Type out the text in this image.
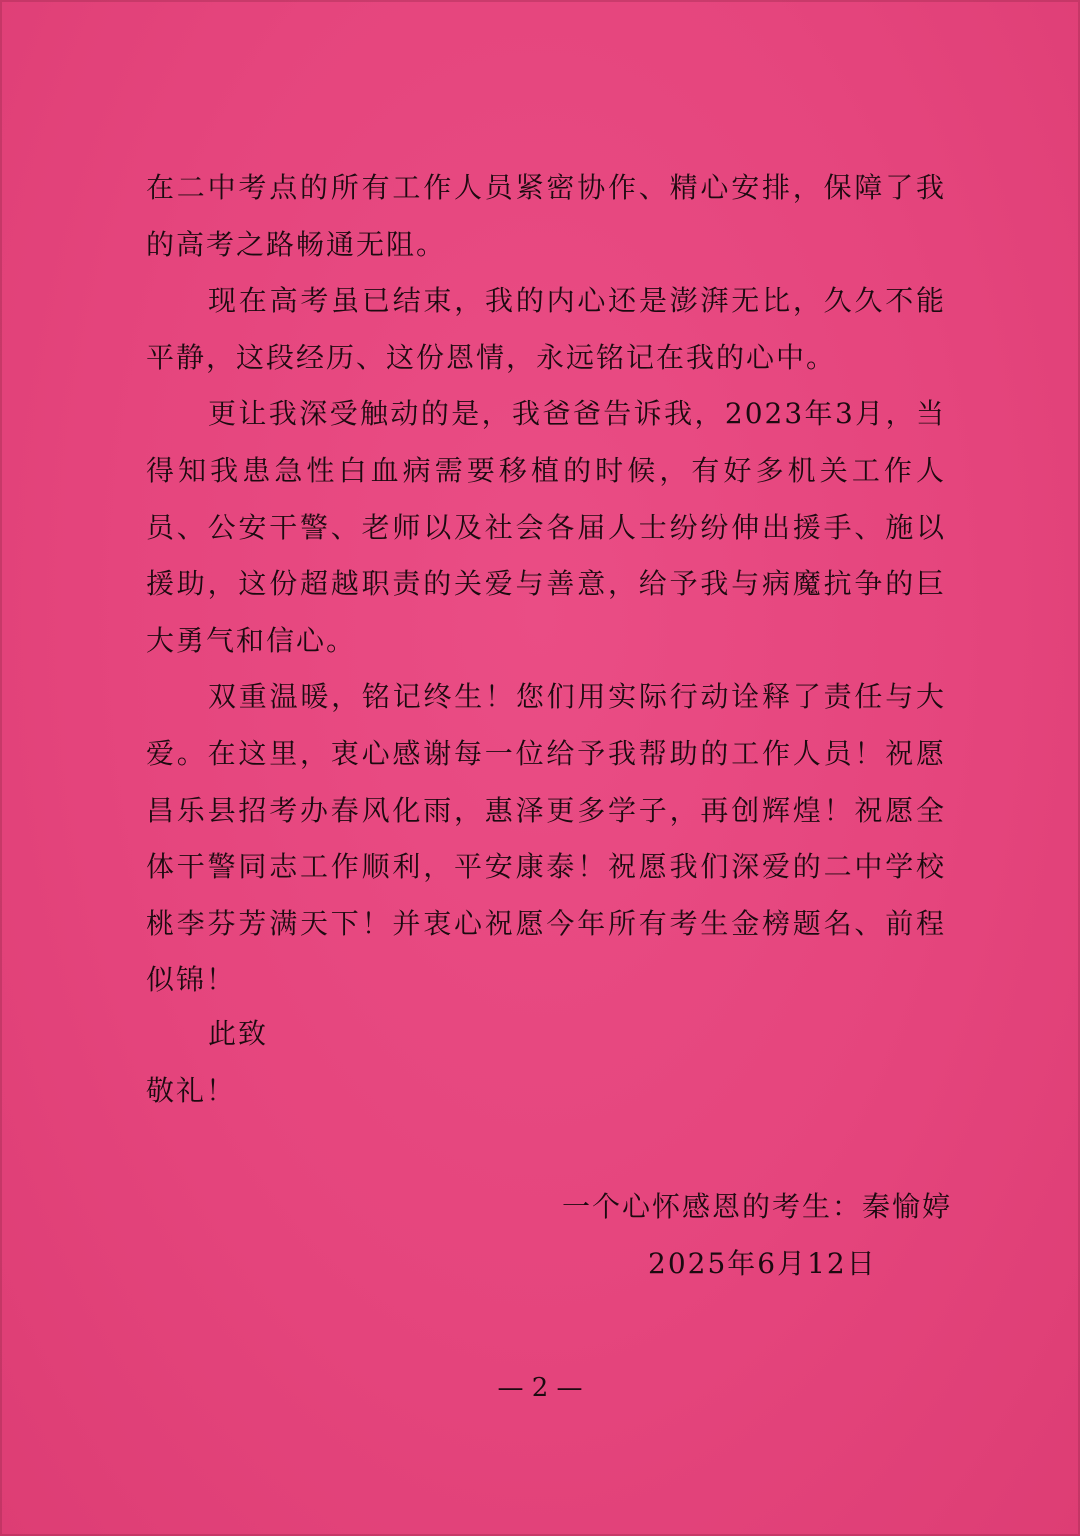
在二中考点的所有工作人员紧密协作、精心安排，保障了我的高考之路畅通无阻。

现在高考虽已结束，我的内心还是澎湃无比，久久不能平静，这段经历、这份恩情，永远铭记在我的心中。

更让我深受触动的是，我爸爸告诉我，2023年3月，当得知我患急性白血病需要移植的时候，有好多机关工作人员、公安干警、老师以及社会各届人士纷纷伸出援手、施以援助，这份超越职责的关爱与善意，给予我与病魔抗争的巨大勇气和信心。

双重温暖，铭记终生！您们用实际行动诠释了责任与大爱。在这里，衷心感谢每一位给予我帮助的工作人员！祝愿昌乐县招考办春风化雨，惠泽更多学子，再创辉煌！祝愿全体干警同志工作顺利，平安康泰！祝愿我们深爱的二中学校桃李芬芳满天下！并衷心祝愿今年所有考生金榜题名、前程似锦！

此致

敬礼！

一个心怀感恩的考生：秦愉婷

2025年6月12日

— 2 —
